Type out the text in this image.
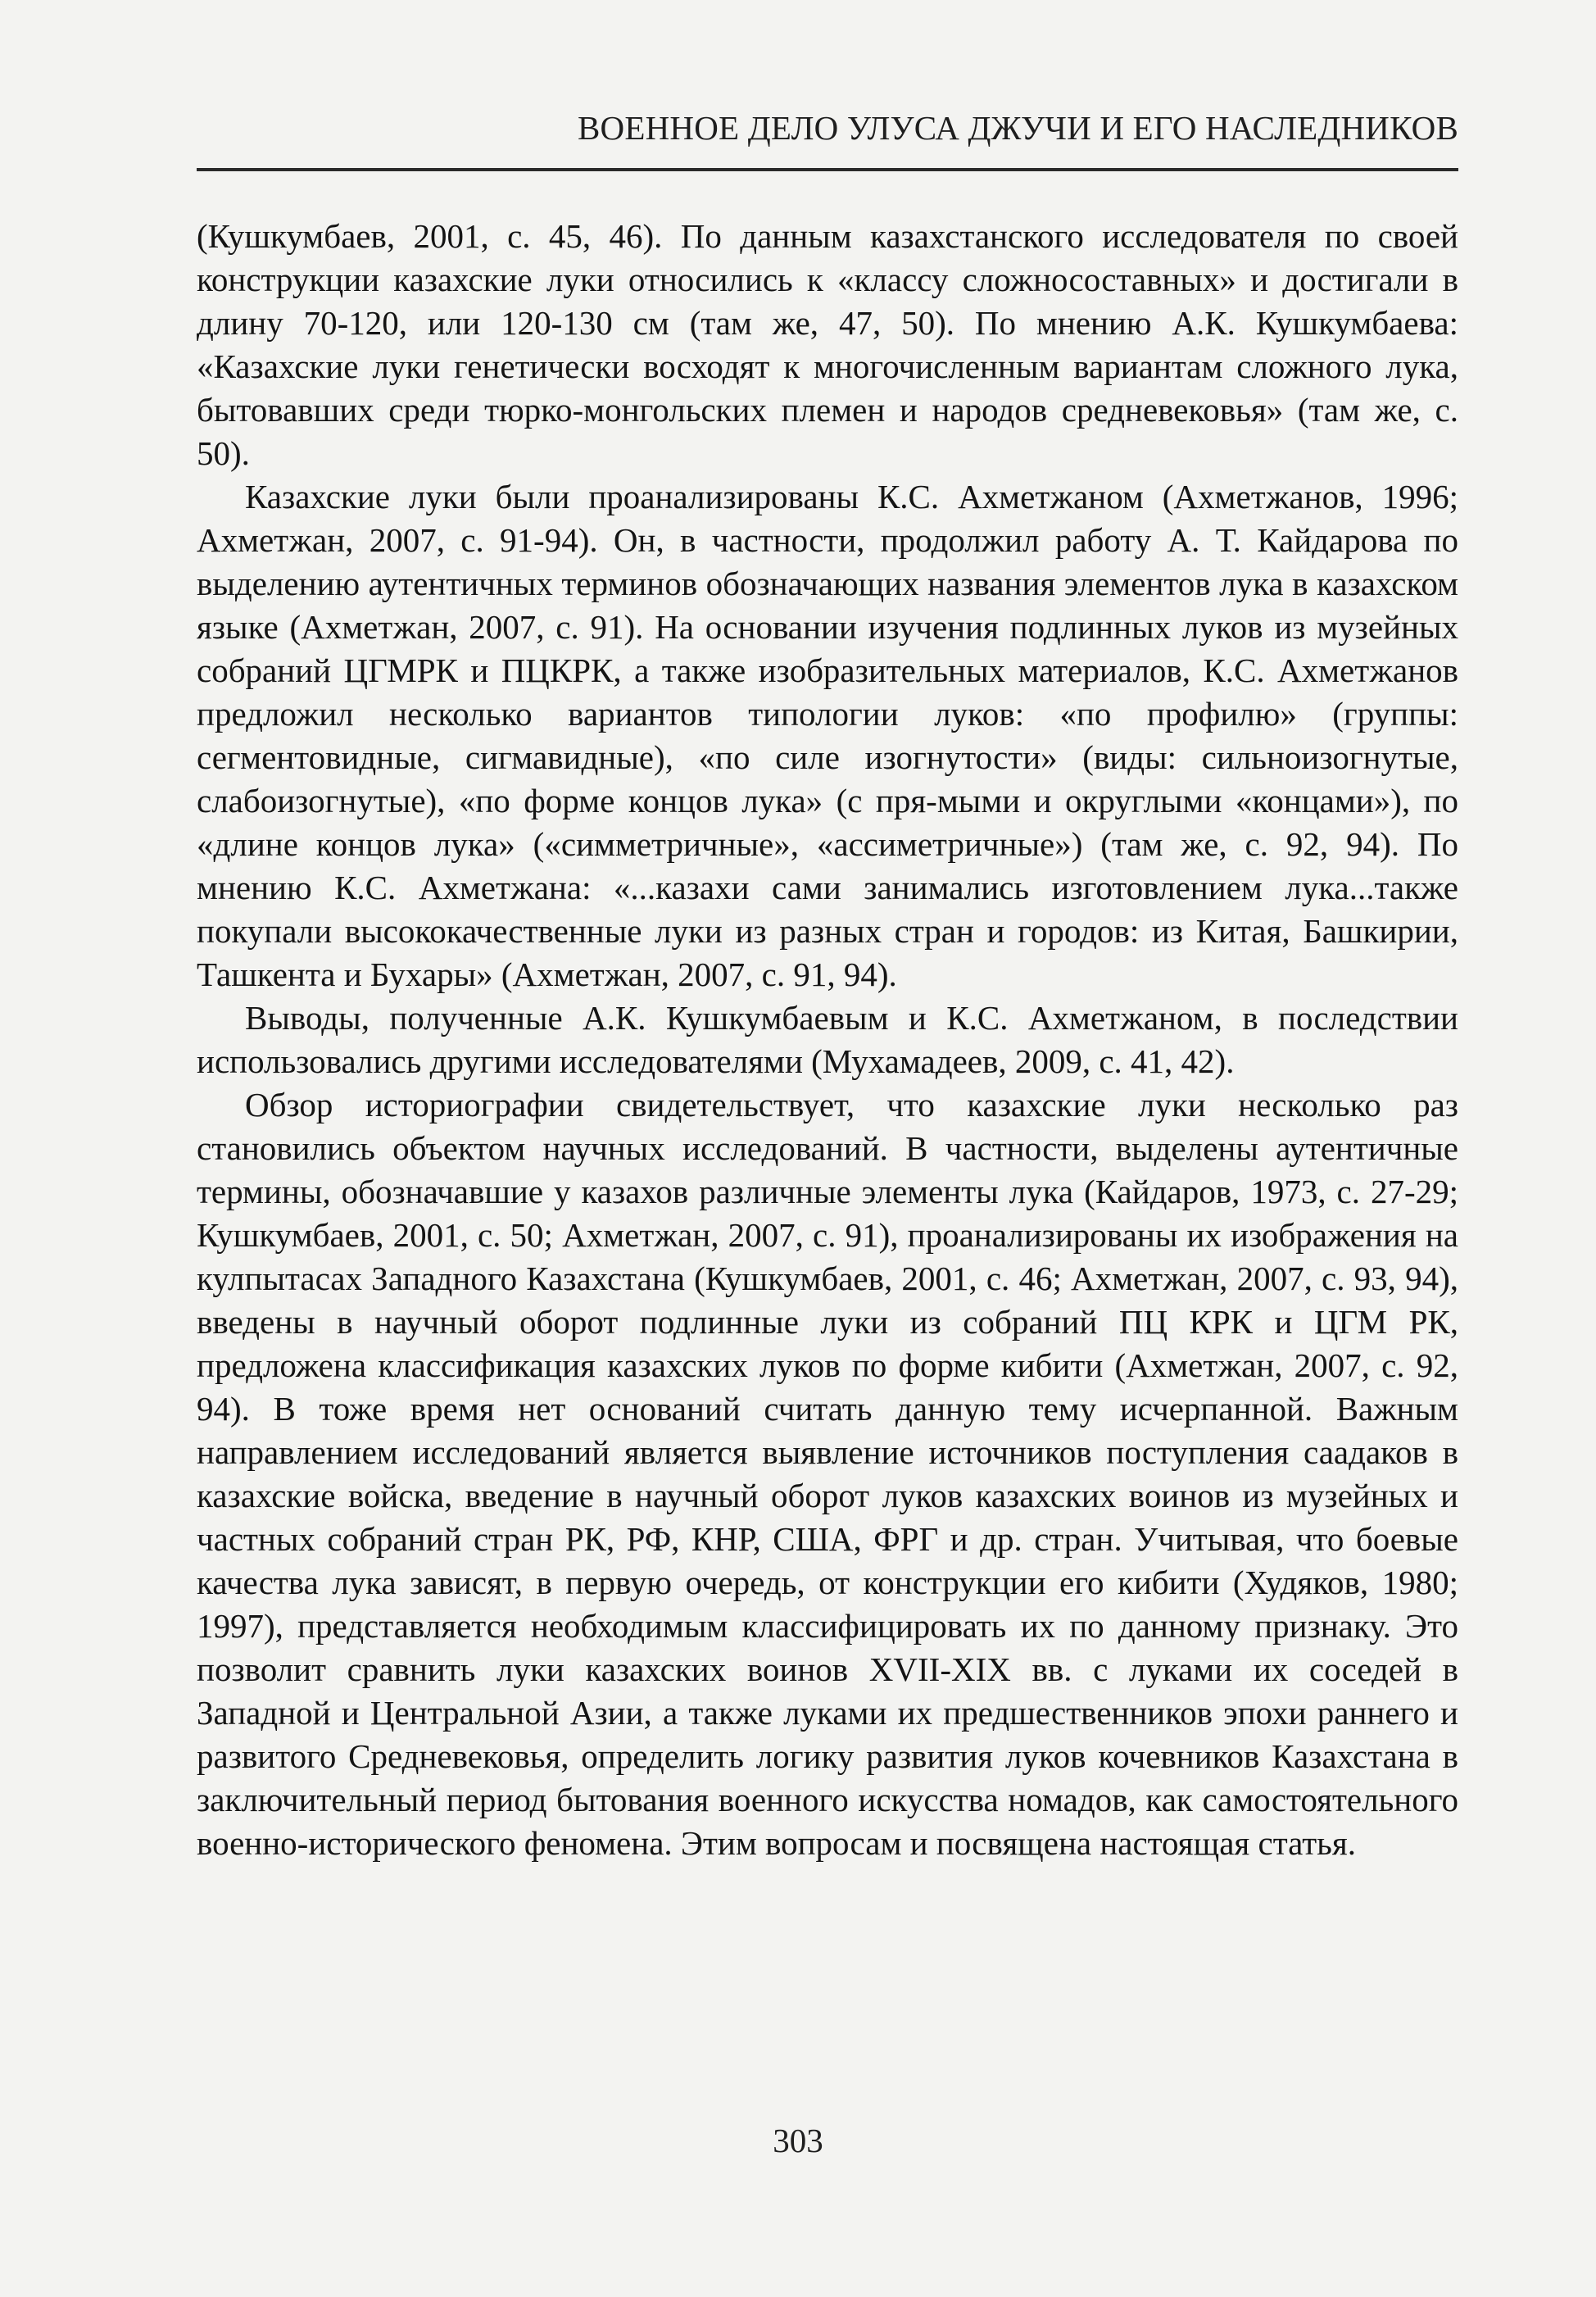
ВОЕННОЕ ДЕЛО УЛУСА ДЖУЧИ И ЕГО НАСЛЕДНИКОВ

(Кушкумбаев, 2001, с. 45, 46). По данным казахстанского исследователя по своей конструкции казахские луки относились к «классу сложносоставных» и достигали в длину 70-120, или 120-130 см (там же, 47, 50). По мнению А.К. Кушкумбаева: «Казахские луки генетически восходят к многочисленным вариантам сложного лука, бытовавших среди тюрко-монгольских племен и народов средневековья» (там же, с. 50).

Казахские луки были проанализированы К.С. Ахметжаном (Ахметжанов, 1996; Ахметжан, 2007, с. 91-94). Он, в частности, продолжил работу А. Т. Кайдарова по выделению аутентичных терминов обозначающих названия элементов лука в казахском языке (Ахметжан, 2007, с. 91). На основании изучения подлинных луков из музейных собраний ЦГМРК и ПЦКРК, а также изобразительных материалов, К.С. Ахметжанов предложил несколько вариантов типологии луков: «по профилю» (группы: сегментовидные, сигмавидные), «по силе изогнутости» (виды: сильноизогнутые, слабоизогнутые), «по форме концов лука» (с пря-мыми и округлыми «концами»), по «длине концов лука» («симметричные», «ассиметричные») (там же, с. 92, 94). По мнению К.С. Ахметжана: «...казахи сами занимались изготовлением лука...также покупали высококачественные луки из разных стран и городов: из Китая, Башкирии, Ташкента и Бухары» (Ахметжан, 2007, с. 91, 94).

Выводы, полученные А.К. Кушкумбаевым и К.С. Ахметжаном, в последствии использовались другими исследователями (Мухамадеев, 2009, с. 41, 42).

Обзор историографии свидетельствует, что казахские луки несколько раз становились объектом научных исследований. В частности, выделены аутентичные термины, обозначавшие у казахов различные элементы лука (Кайдаров, 1973, с. 27-29; Кушкумбаев, 2001, с. 50; Ахметжан, 2007, с. 91), проанализированы их изображения на кулпытасах Западного Казахстана (Кушкумбаев, 2001, с. 46; Ахметжан, 2007, с. 93, 94), введены в научный оборот подлинные луки из собраний ПЦ КРК и ЦГМ РК, предложена классификация казахских луков по форме кибити (Ахметжан, 2007, с. 92, 94). В тоже время нет оснований считать данную тему исчерпанной. Важным направлением исследований является выявление источников поступления саадаков в казахские войска, введение в научный оборот луков казахских воинов из музейных и частных собраний стран РК, РФ, КНР, США, ФРГ и др. стран. Учитывая, что боевые качества лука зависят, в первую очередь, от конструкции его кибити (Худяков, 1980; 1997), представляется необходимым классифицировать их по данному признаку. Это позволит сравнить луки казахских воинов XVII-XIX вв. с луками их соседей в Западной и Центральной Азии, а также луками их предшественников эпохи раннего и развитого Средневековья, определить логику развития луков кочевников Казахстана в заключительный период бытования военного искусства номадов, как самостоятельного военно-исторического феномена. Этим вопросам и посвящена настоящая статья.

303
